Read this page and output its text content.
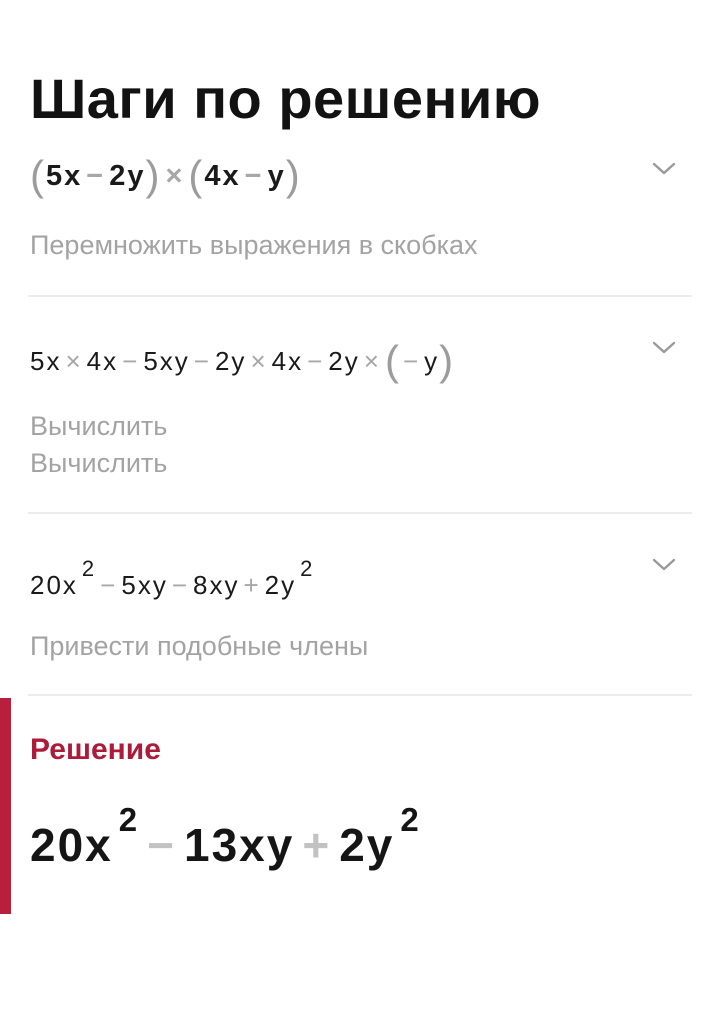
Шаги по решению
(5x − 2y) ×(4x − y)
Перемножить выражения в скобках
5x × 4x − 5xy − 2y × 4x − 2y ×(− y)
Вычислить
Вычислить
$20x^2- 5xy - 8xy + 2y^2$
Привести подобные члены
Решение
20x $^2$ − 13xy + 2y $^2$
